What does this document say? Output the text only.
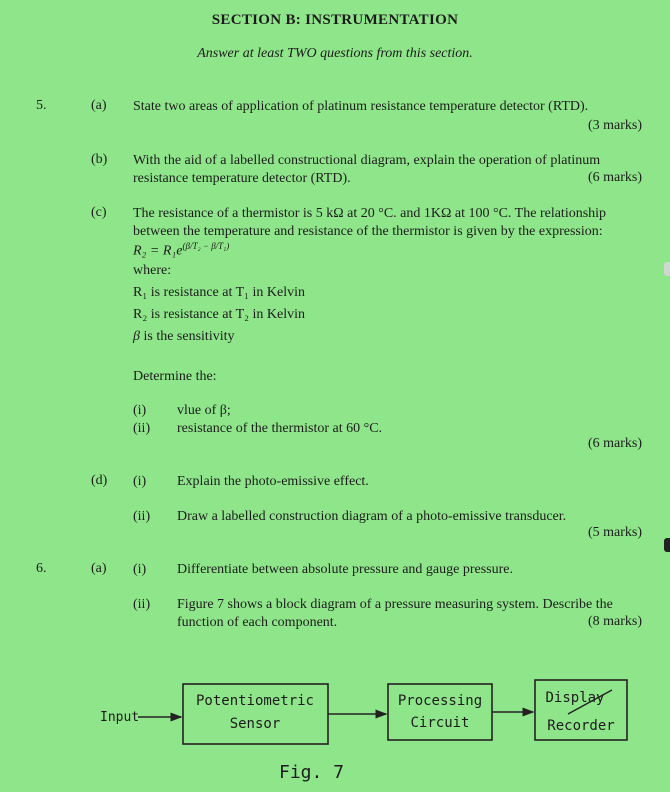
SECTION B: INSTRUMENTATION
Answer at least TWO questions from this section.
5.	(a) State two areas of application of platinum resistance temperature detector (RTD).
(3 marks)
(b) With the aid of a labelled constructional diagram, explain the operation of platinum
resistance temperature detector (RTD).	(6 marks)
(c) The resistance of a thermistor is 5 kΩ at 20 °C. and 1KΩ at 100 °C. The relationship
between the temperature and resistance of the thermistor is given by the expression:
$R_2 = R_1e^{(\beta/T_2 - \beta/T_1)}$
where:
R₁ is resistance at T₁ in Kelvin
R₂ is resistance at T₂ in Kelvin
β is the sensitivity
Determine the:
(i) vlue of β;
(ii) resistance of the thermistor at 60 °C.
(6 marks)
(d) (i) Explain the photo-emissive effect.
(ii) Draw a labelled construction diagram of a photo-emissive transducer.
(5 marks)
6.	(a) (i) Differentiate between absolute pressure and gauge pressure.
(ii) Figure 7 shows a block diagram of a pressure measuring system. Describe the
function of each component.	(8 marks)
Input
Potentiometric
Sensor
Processing
Circuit
Display
Recorder
Fig. 7
